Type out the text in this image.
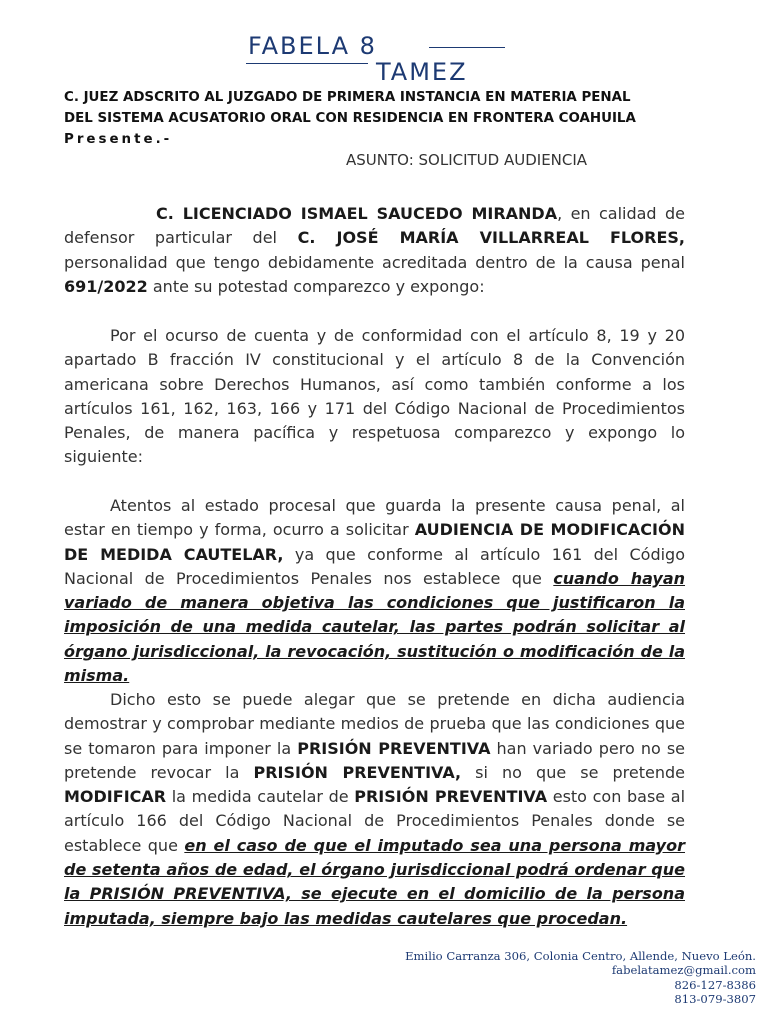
FABELA 8
TAMEZ
C. JUEZ ADSCRITO AL JUZGADO DE PRIMERA INSTANCIA EN MATERIA PENAL
DEL SISTEMA ACUSATORIO ORAL CON RESIDENCIA EN FRONTERA COAHUILA
Presente.-
ASUNTO: SOLICITUD AUDIENCIA
C. LICENCIADO ISMAEL SAUCEDO MIRANDA, en calidad de defensor particular del C. JOSÉ MARÍA VILLARREAL FLORES, personalidad que tengo debidamente acreditada dentro de la causa penal 691/2022 ante su potestad comparezco y expongo:
Por el ocurso de cuenta y de conformidad con el artículo 8, 19 y 20 apartado B fracción IV constitucional y el artículo 8 de la Convención americana sobre Derechos Humanos, así como también conforme a los artículos 161, 162, 163, 166 y 171 del Código Nacional de Procedimientos Penales, de manera pacífica y respetuosa comparezco y expongo lo siguiente:
Atentos al estado procesal que guarda la presente causa penal, al estar en tiempo y forma, ocurro a solicitar AUDIENCIA DE MODIFICACIÓN DE MEDIDA CAUTELAR, ya que conforme al artículo 161 del Código Nacional de Procedimientos Penales nos establece que cuando hayan variado de manera objetiva las condiciones que justificaron la imposición de una medida cautelar, las partes podrán solicitar al órgano jurisdiccional, la revocación, sustitución o modificación de la misma.
Dicho esto se puede alegar que se pretende en dicha audiencia demostrar y comprobar mediante medios de prueba que las condiciones que se tomaron para imponer la PRISIÓN PREVENTIVA han variado pero no se pretende revocar la PRISIÓN PREVENTIVA, si no que se pretende MODIFICAR la medida cautelar de PRISIÓN PREVENTIVA esto con base al artículo 166 del Código Nacional de Procedimientos Penales donde se establece que en el caso de que el imputado sea una persona mayor de setenta años de edad, el órgano jurisdiccional podrá ordenar que la PRISIÓN PREVENTIVA, se ejecute en el domicilio de la persona imputada, siempre bajo las medidas cautelares que procedan.
Emilio Carranza 306, Colonia Centro, Allende, Nuevo León.
fabelatamez@gmail.com
826-127-8386
813-079-3807
